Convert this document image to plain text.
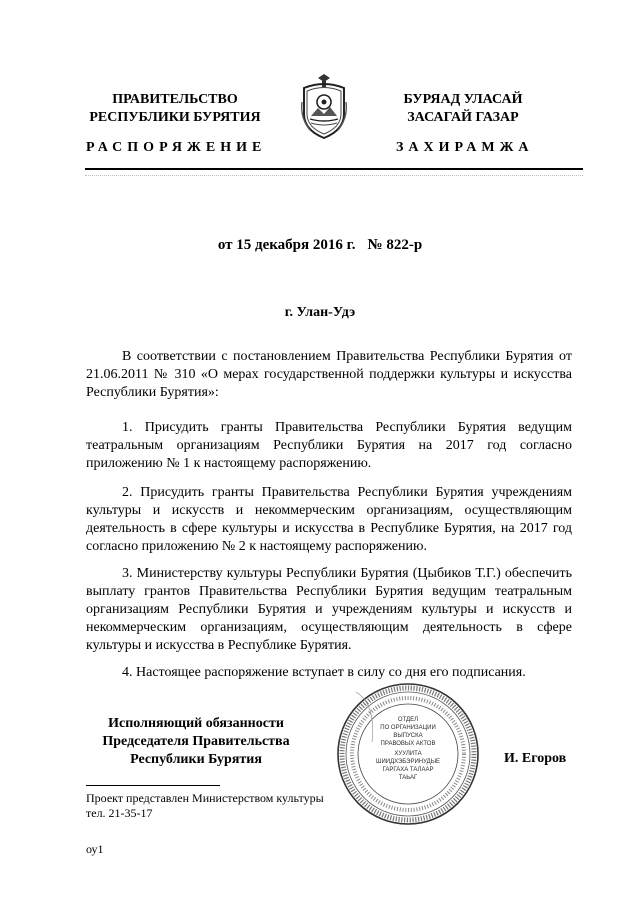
ПРАВИТЕЛЬСТВО
РЕСПУБЛИКИ БУРЯТИЯ
БУРЯАД УЛАСАЙ
ЗАСАГАЙ ГАЗАР
РАСПОРЯЖЕНИЕ	ЗАХИРАМЖА
от 15 декабря 2016 г. № 822-р
г. Улан-Удэ
В соответствии с постановлением Правительства Республики Бурятия от 21.06.2011 № 310 «О мерах государственной поддержки культуры и искусства Республики Бурятия»:
1. Присудить гранты Правительства Республики Бурятия ведущим театральным организациям Республики Бурятия на 2017 год согласно приложению № 1 к настоящему распоряжению.
2. Присудить гранты Правительства Республики Бурятия учреждениям культуры и искусств и некоммерческим организациям, осуществляющим деятельность в сфере культуры и искусства в Республике Бурятия, на 2017 год согласно приложению № 2 к настоящему распоряжению.
3. Министерству культуры Республики Бурятия (Цыбиков Т.Г.) обеспечить выплату грантов Правительства Республики Бурятия ведущим театральным организациям Республики Бурятия и учреждениям культуры и искусств и некоммерческим организациям, осуществляющим деятельность в сфере культуры и искусства в Республике Бурятия.
4. Настоящее распоряжение вступает в силу со дня его подписания.
Исполняющий обязанности
Председателя Правительства
Республики Бурятия
ОТДЕЛ
ПО ОРГАНИЗАЦИИ
ВЫПУСКА
ПРАВОВЫХ АКТОВ
ХУУЛИТА
ШИИДХЭБЭРИНУДЫЕ
ГАРГАХА ТАЛААР
ТАЬАГ
И. Егоров
Проект представлен Министерством культуры
тел. 21-35-17
оу1
